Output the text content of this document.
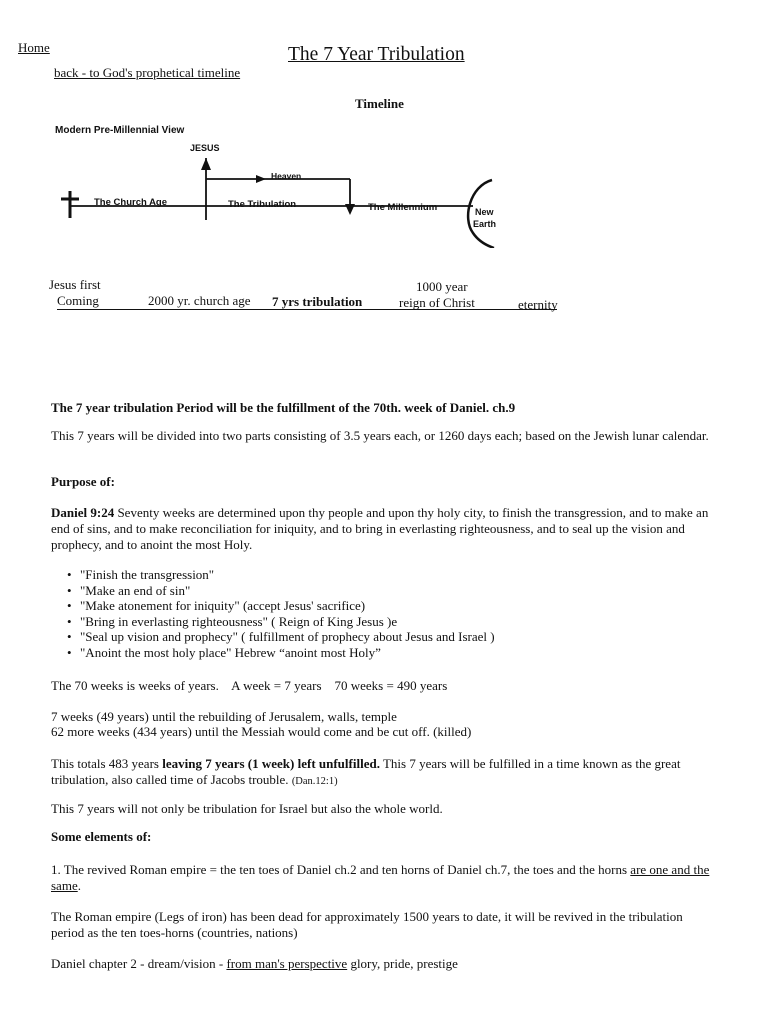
Home
back - to God's prophetical timeline
The 7 Year Tribulation
Timeline
Modern Pre-Millennial View
JESUS
Heaven
The Church Age	The Tribulation	The Millennium	New
Earth
Jesus first	1000 year
Coming	2000 yr. church age 7 yrs tribulation	reign of Christ	eternity
The 7 year tribulation Period will be the fulfillment of the 70th. week of Daniel. ch.9
This 7 years will be divided into two parts consisting of 3.5 years each, or 1260 days each; based on the Jewish lunar calendar.
Purpose of:
Daniel 9:24 Seventy weeks are determined upon thy people and upon thy holy city, to finish the transgression, and to make an end of sins, and to make reconciliation for iniquity, and to bring in everlasting righteousness, and to seal up the vision and prophecy, and to anoint the most Holy.
• "Finish the transgression"
• "Make an end of sin"
• "Make atonement for iniquity" (accept Jesus' sacrifice)
• "Bring in everlasting righteousness" ( Reign of King Jesus )e
• "Seal up vision and prophecy" ( fulfillment of prophecy about Jesus and Israel )
• "Anoint the most holy place" Hebrew “anoint most Holy”
The 70 weeks is weeks of years.    A week = 7 years    70 weeks = 490 years
7 weeks (49 years) until the rebuilding of Jerusalem, walls, temple
62 more weeks (434 years) until the Messiah would come and be cut off. (killed)
This totals 483 years leaving 7 years (1 week) left unfulfilled. This 7 years will be fulfilled in a time known as the great tribulation, also called time of Jacobs trouble. (Dan.12:1)
This 7 years will not only be tribulation for Israel but also the whole world.
Some elements of:
1. The revived Roman empire = the ten toes of Daniel ch.2 and ten horns of Daniel ch.7, the toes and the horns are one and the same.
The Roman empire (Legs of iron) has been dead for approximately 1500 years to date, it will be revived in the tribulation period as the ten toes-horns (countries, nations)
Daniel chapter 2 - dream/vision - from man's perspective glory, pride, prestige
